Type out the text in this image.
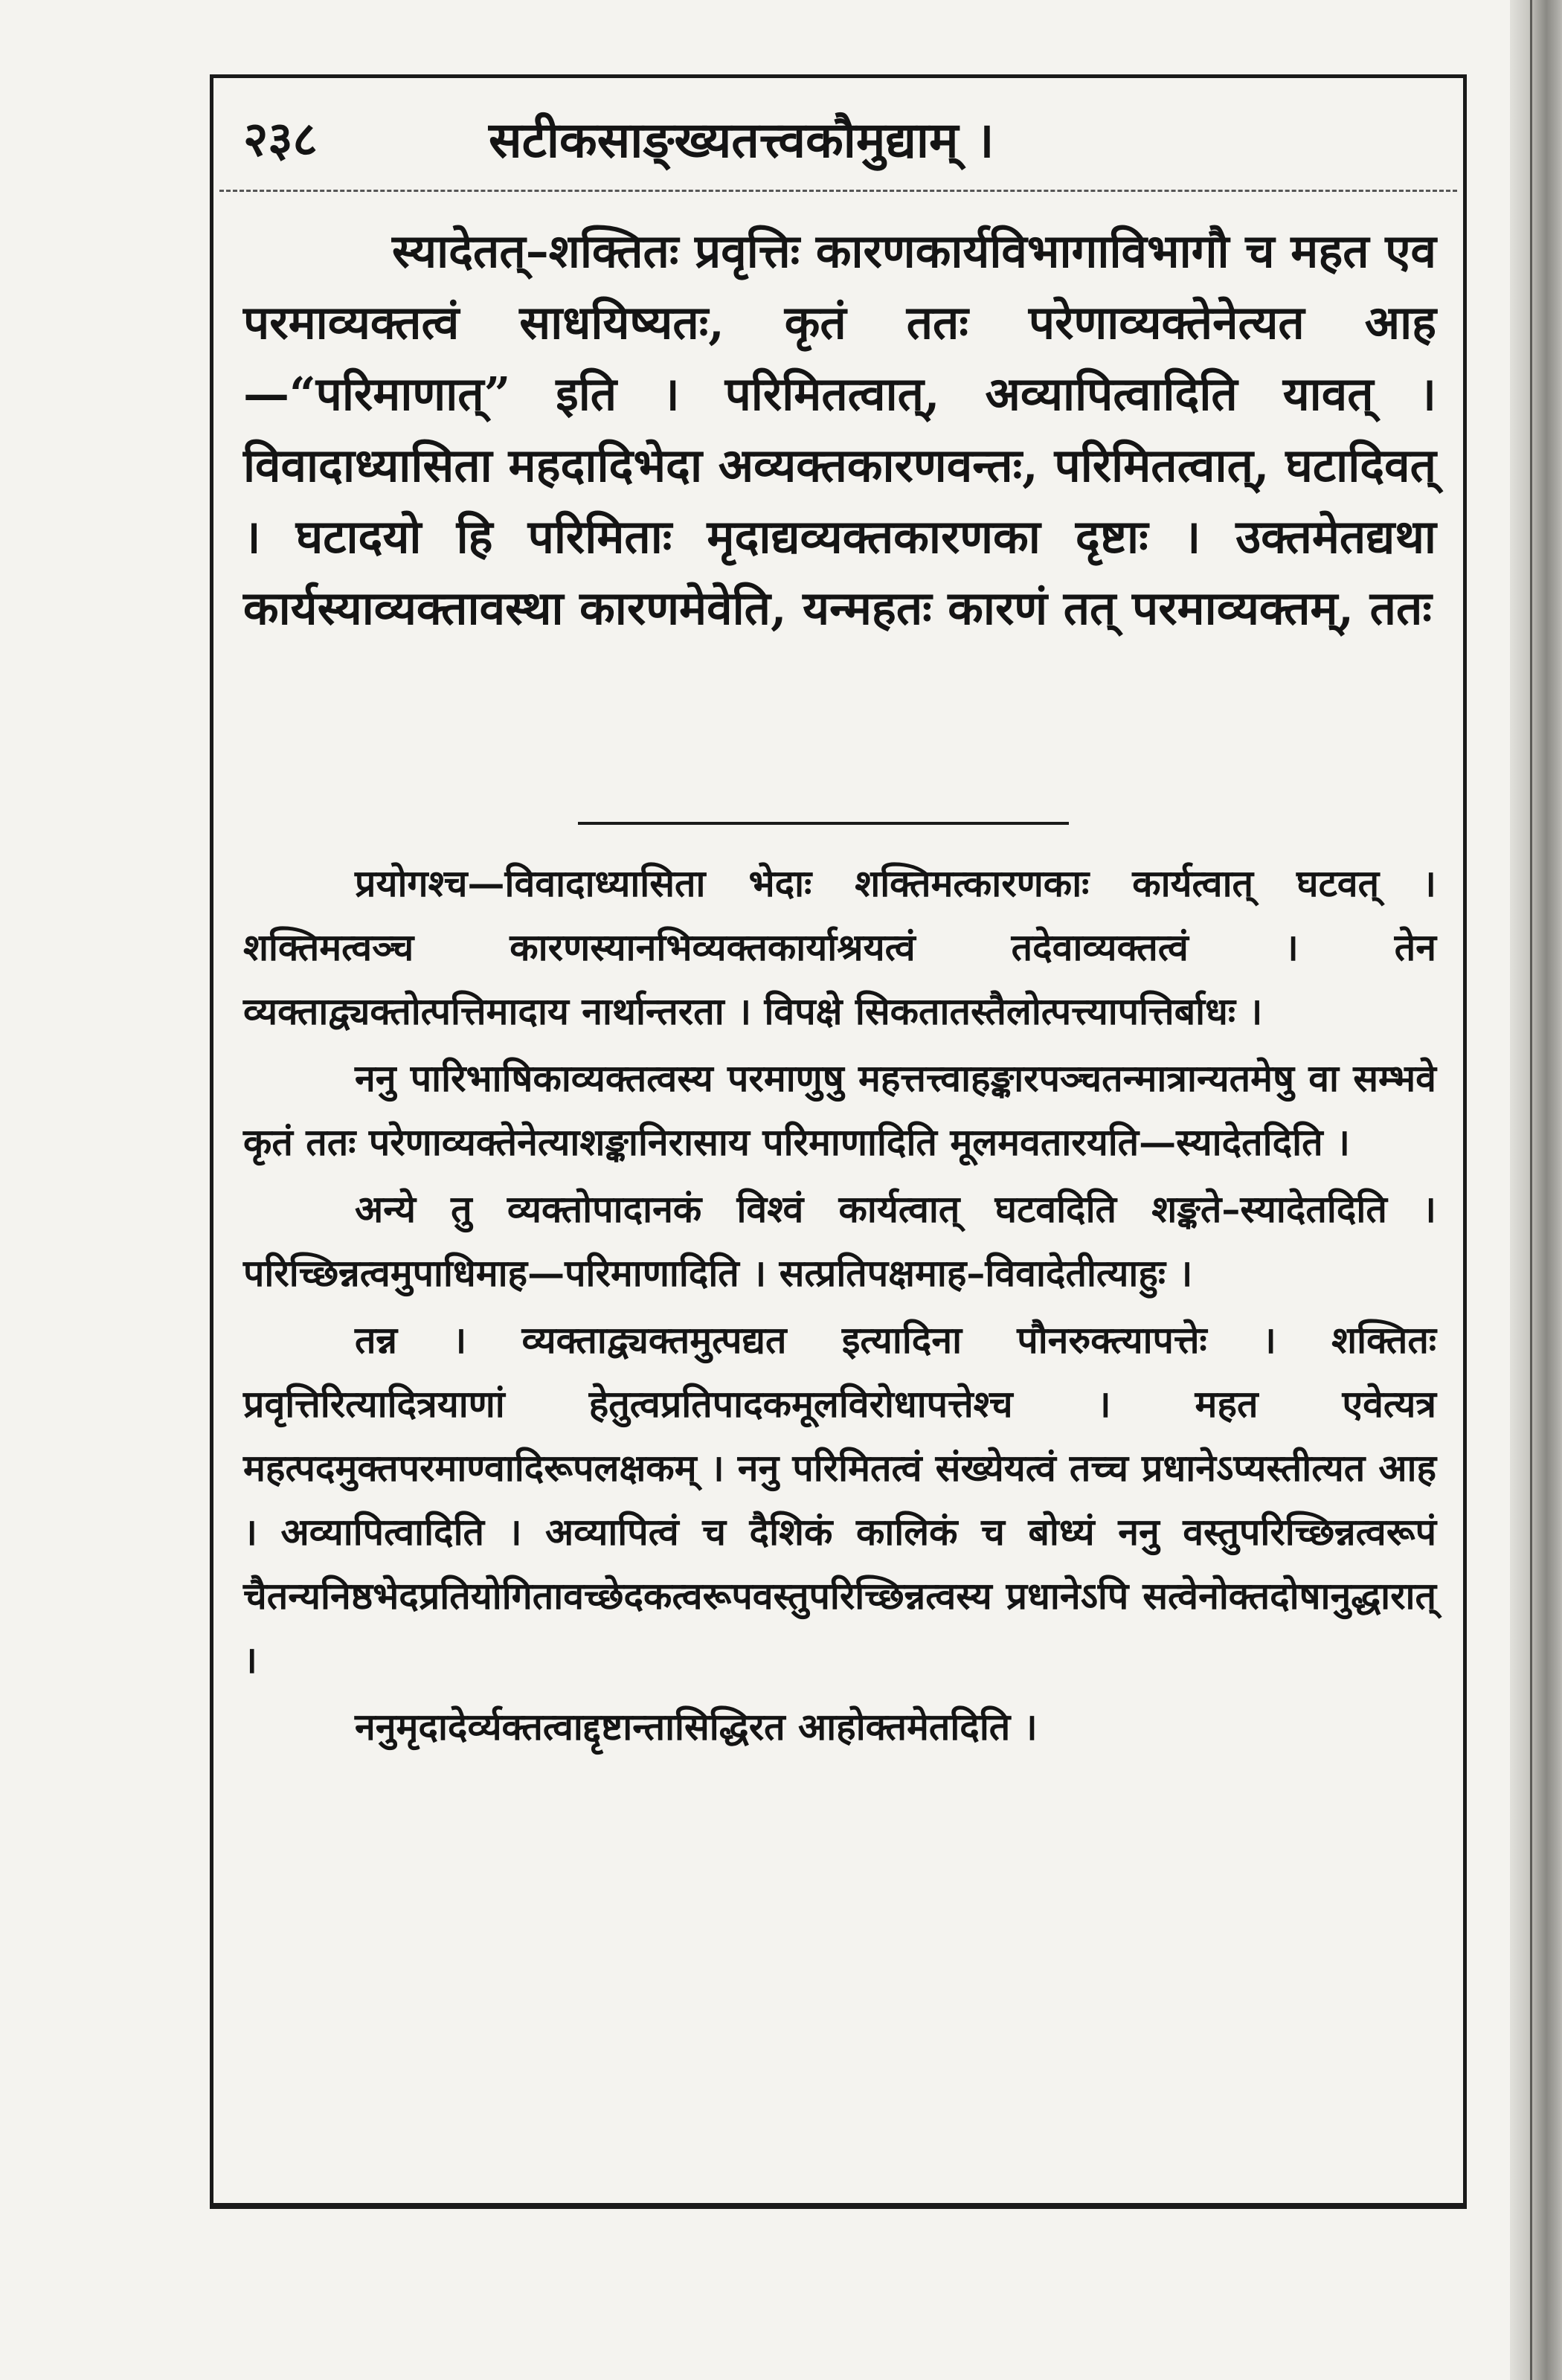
२३८	सटीकसाङ्ख्यतत्त्वकौमुद्याम् ।

स्यादेतत्–शक्तितः प्रवृत्तिः कारणकार्यविभागाविभागौ च महत एव परमाव्यक्तत्वं साधयिष्यतः, कृतं ततः परेणाव्यक्तेनेत्यत आह—“परिमाणात्” इति । परिमितत्वात्, अव्यापित्वादिति यावत् । विवादाध्यासिता महदादिभेदा अव्यक्तकारणवन्तः, परिमितत्वात्, घटादिवत् । घटादयो हि परिमिताः मृदाद्यव्यक्तकारणका दृष्टाः । उक्तमेतद्यथा कार्यस्याव्यक्तावस्था कारणमेवेति, यन्महतः कारणं तत् परमाव्यक्तम्, ततः

प्रयोगश्च—विवादाध्यासिता भेदाः शक्तिमत्कारणकाः कार्यत्वात् घटवत् । शक्तिमत्वञ्च कारणस्यानभिव्यक्तकार्याश्रयत्वं तदेवाव्यक्तत्वं । तेन व्यक्ताद्व्यक्तोत्पत्तिमादाय नार्थान्तरता । विपक्षे सिकतातस्तैलोत्पत्त्यापत्तिर्बाधः ।

ननु पारिभाषिकाव्यक्तत्वस्य परमाणुषु महत्तत्त्वाहङ्कारपञ्चतन्मात्रान्यतमेषु वा सम्भवे कृतं ततः परेणाव्यक्तेनेत्याशङ्कानिरासाय परिमाणादिति मूलमवतारयति—स्यादेतदिति ।

अन्ये तु व्यक्तोपादानकं विश्वं कार्यत्वात् घटवदिति शङ्कते–स्यादेतदिति । परिच्छिन्नत्वमुपाधिमाह—परिमाणादिति । सत्प्रतिपक्षमाह–विवादेतीत्याहुः ।

तन्न । व्यक्ताद्व्यक्तमुत्पद्यत इत्यादिना पौनरुक्त्यापत्तेः । शक्तितः प्रवृत्तिरित्यादित्रयाणां हेतुत्वप्रतिपादकमूलविरोधापत्तेश्च । महत एवेत्यत्र महत्पदमुक्तपरमाण्वादिरूपलक्षकम् । ननु परिमितत्वं संख्येयत्वं तच्च प्रधानेऽप्यस्तीत्यत आह । अव्यापित्वादिति । अव्यापित्वं च दैशिकं कालिकं च बोध्यं ननु वस्तुपरिच्छिन्नत्वरूपं चैतन्यनिष्ठभेदप्रतियोगितावच्छेदकत्वरूपवस्तुपरिच्छिन्नत्वस्य प्रधानेऽपि सत्वेनोक्तदोषानुद्धारात् ।

ननुमृदादेर्व्यक्तत्वाद्दृष्टान्तासिद्धिरत आहोक्तमेतदिति ।
